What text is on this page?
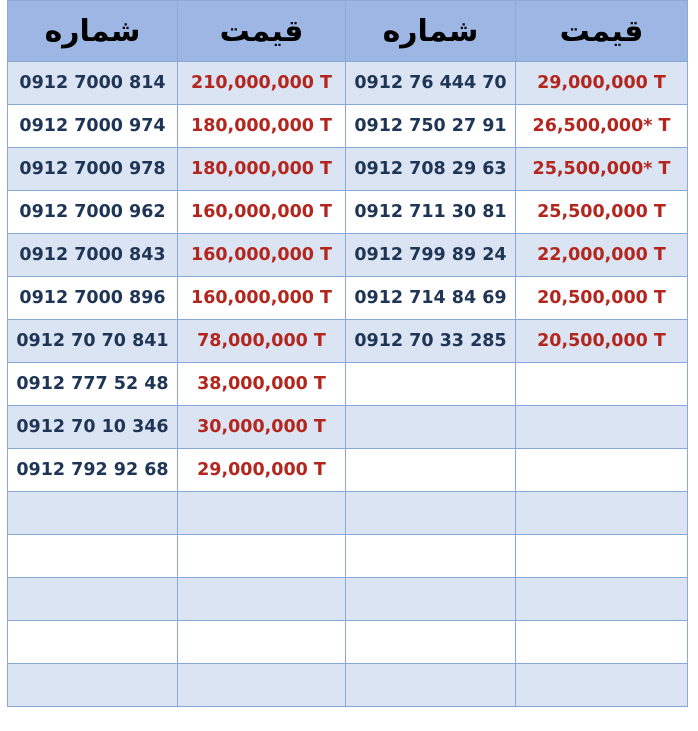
شماره	قیمت	شماره	قیمت
0912 7000 814	210,000,000 T	0912 76 444 70	29,000,000 T
0912 7000 974	180,000,000 T	0912 750 27 91	26,500,000* T
0912 7000 978	180,000,000 T	0912 708 29 63	25,500,000* T
0912 7000 962	160,000,000 T	0912 711 30 81	25,500,000 T
0912 7000 843	160,000,000 T	0912 799 89 24	22,000,000 T
0912 7000 896	160,000,000 T	0912 714 84 69	20,500,000 T
0912 70 70 841	78,000,000 T	0912 70 33 285	20,500,000 T
0912 777 52 48	38,000,000 T		
0912 70 10 346	30,000,000 T		
0912 792 92 68	29,000,000 T		
